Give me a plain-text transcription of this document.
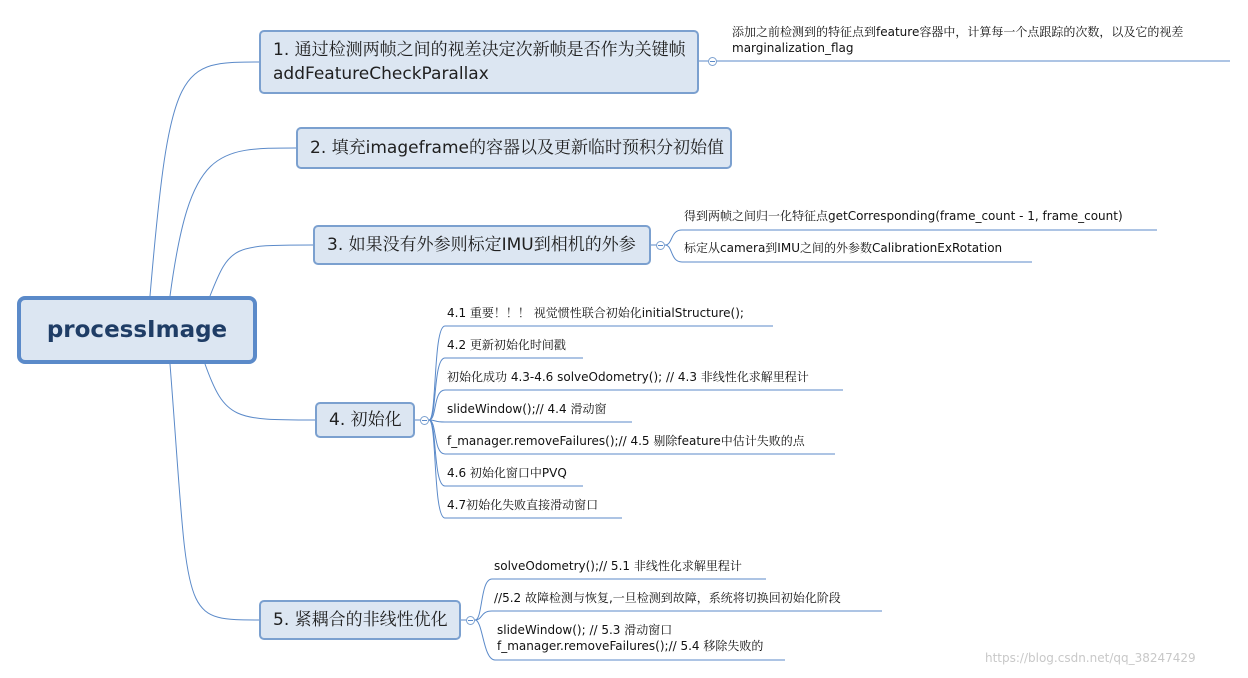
processImage
1. 通过检测两帧之间的视差决定次新帧是否作为关键帧
addFeatureCheckParallax
2. 填充imageframe的容器以及更新临时预积分初始值
3. 如果没有外参则标定IMU到相机的外参
4. 初始化
5. 紧耦合的非线性优化
添加之前检测到的特征点到feature容器中，计算每一个点跟踪的次数，以及它的视差
marginalization_flag
得到两帧之间归一化特征点getCorresponding(frame_count - 1, frame_count)
标定从camera到IMU之间的外参数CalibrationExRotation
4.1 重要！！！ 视觉惯性联合初始化initialStructure();
4.2 更新初始化时间戳
初始化成功 4.3-4.6 solveOdometry(); // 4.3 非线性化求解里程计
slideWindow();// 4.4 滑动窗
f_manager.removeFailures();// 4.5 剔除feature中估计失败的点
4.6 初始化窗口中PVQ
4.7初始化失败直接滑动窗口
solveOdometry();// 5.1 非线性化求解里程计
//5.2 故障检测与恢复,一旦检测到故障，系统将切换回初始化阶段
slideWindow(); // 5.3 滑动窗口
f_manager.removeFailures();// 5.4 移除失败的
https://blog.csdn.net/qq_38247429
